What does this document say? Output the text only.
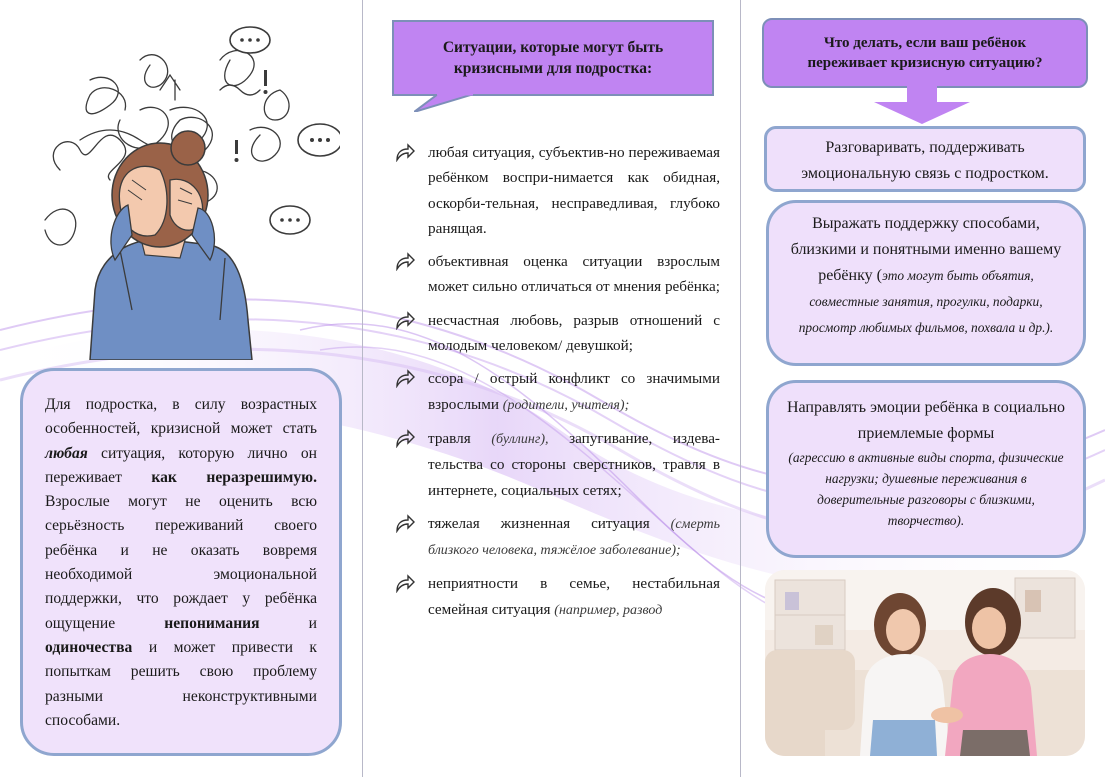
Для подростка, в силу возрастных особенностей, кризисной может стать любая ситуация, которую лично он переживает как неразрешимую. Взрослые могут не оценить всю серьёзность переживаний своего ребёнка и не оказать вовремя необходимой эмоциональной поддержки, что рождает у ребёнка ощущение непонимания и одиночества и может привести к попыткам решить свою проблему разными неконструктивными способами.
Ситуации, которые могут быть кризисными для подростка:
любая ситуация, субъектив-но переживаемая ребёнком воспри-нимается как обидная, оскорби-тельная, несправедливая, глубоко ранящая.
объективная оценка ситуации взрослым может сильно отличаться от мнения ребёнка;
несчастная любовь, разрыв отношений с молодым человеком/ девушкой;
ссора / острый конфликт со значимыми взрослыми (родители, учителя);
травля (буллинг), запугивание, издева-тельства со стороны сверстников, травля в интернете, социальных сетях;
тяжелая жизненная ситуация (смерть близкого человека, тяжёлое заболевание);
неприятности в семье, нестабильная семейная ситуация (например, развод
Что делать, если ваш ребёнок переживает кризисную ситуацию?
Разговаривать, поддерживать эмоциональную связь с подростком.
Выражать поддержку способами, близкими и понятными именно вашему ребёнку (это могут быть объятия, совместные занятия, прогулки, подарки, просмотр любимых фильмов, похвала и др.).
Направлять эмоции ребёнка в социально приемлемые формы
(агрессию в активные виды спорта, физические нагрузки; душевные переживания в доверительные разговоры с близкими, творчество).
